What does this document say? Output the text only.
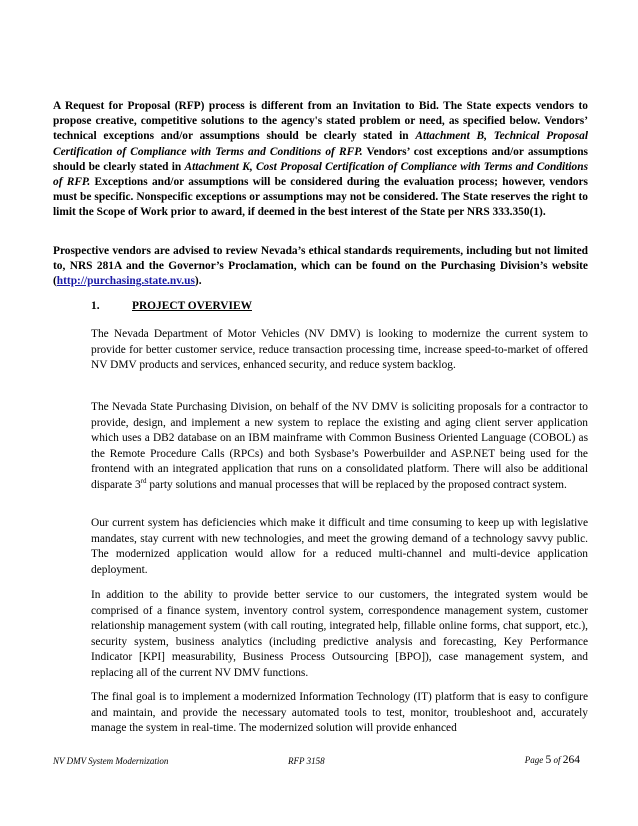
A Request for Proposal (RFP) process is different from an Invitation to Bid. The State expects vendors to propose creative, competitive solutions to the agency's stated problem or need, as specified below. Vendors’ technical exceptions and/or assumptions should be clearly stated in Attachment B, Technical Proposal Certification of Compliance with Terms and Conditions of RFP. Vendors’ cost exceptions and/or assumptions should be clearly stated in Attachment K, Cost Proposal Certification of Compliance with Terms and Conditions of RFP. Exceptions and/or assumptions will be considered during the evaluation process; however, vendors must be specific. Nonspecific exceptions or assumptions may not be considered. The State reserves the right to limit the Scope of Work prior to award, if deemed in the best interest of the State per NRS 333.350(1).

Prospective vendors are advised to review Nevada’s ethical standards requirements, including but not limited to, NRS 281A and the Governor’s Proclamation, which can be found on the Purchasing Division’s website (http://purchasing.state.nv.us).

1.	PROJECT OVERVIEW

The Nevada Department of Motor Vehicles (NV DMV) is looking to modernize the current system to provide for better customer service, reduce transaction processing time, increase speed-to-market of offered NV DMV products and services, enhanced security, and reduce system backlog.

The Nevada State Purchasing Division, on behalf of the NV DMV is soliciting proposals for a contractor to provide, design, and implement a new system to replace the existing and aging client server application which uses a DB2 database on an IBM mainframe with Common Business Oriented Language (COBOL) as the Remote Procedure Calls (RPCs) and both Sysbase’s Powerbuilder and ASP.NET being used for the frontend with an integrated application that runs on a consolidated platform. There will also be additional disparate 3rd party solutions and manual processes that will be replaced by the proposed contract system.

Our current system has deficiencies which make it difficult and time consuming to keep up with legislative mandates, stay current with new technologies, and meet the growing demand of a technology savvy public. The modernized application would allow for a reduced multi-channel and multi-device application deployment.

In addition to the ability to provide better service to our customers, the integrated system would be comprised of a finance system, inventory control system, correspondence management system, customer relationship management system (with call routing, integrated help, fillable online forms, chat support, etc.), security system, business analytics (including predictive analysis and forecasting, Key Performance Indicator [KPI] measurability, Business Process Outsourcing [BPO]), case management system, and replacing all of the current NV DMV functions.

The final goal is to implement a modernized Information Technology (IT) platform that is easy to configure and maintain, and provide the necessary automated tools to test, monitor, troubleshoot and, accurately manage the system in real-time. The modernized solution will provide enhanced

NV DMV System Modernization	RFP 3158	Page 5 of 264
